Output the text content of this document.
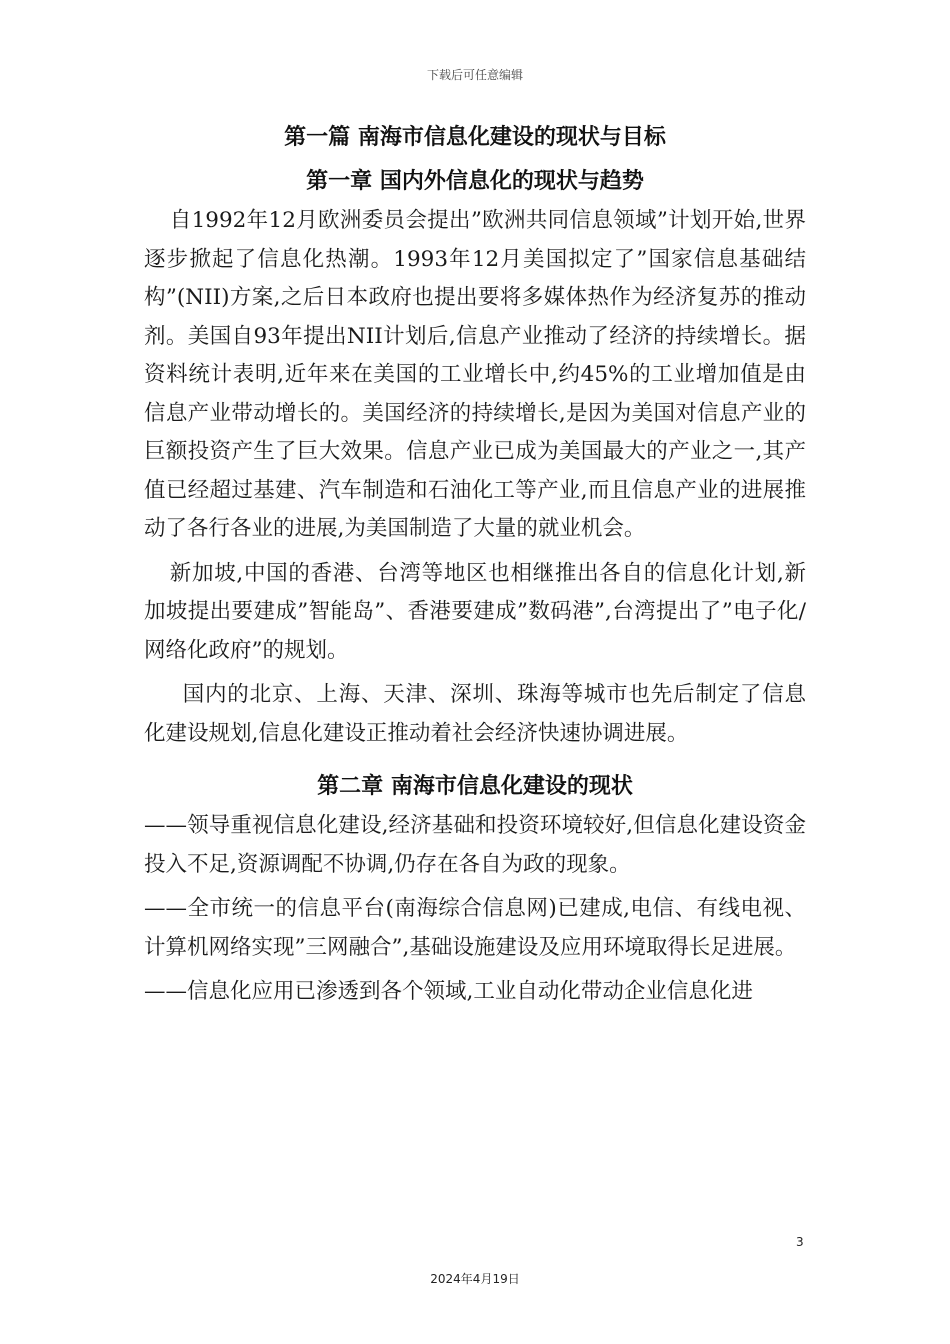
下载后可任意编辑
第一篇 南海市信息化建设的现状与目标
第一章 国内外信息化的现状与趋势

自1992年12月欧洲委员会提出”欧洲共同信息领域”计划开始,世界逐步掀起了信息化热潮。1993年12月美国拟定了”国家信息基础结构”(NII)方案,之后日本政府也提出要将多媒体热作为经济复苏的推动剂。美国自93年提出NII计划后,信息产业推动了经济的持续增长。据资料统计表明,近年来在美国的工业增长中,约45%的工业增加值是由信息产业带动增长的。美国经济的持续增长,是因为美国对信息产业的巨额投资产生了巨大效果。信息产业已成为美国最大的产业之一,其产值已经超过基建、汽车制造和石油化工等产业,而且信息产业的进展推动了各行各业的进展,为美国制造了大量的就业机会。

新加坡,中国的香港、台湾等地区也相继推出各自的信息化计划,新加坡提出要建成”智能岛”、香港要建成”数码港”,台湾提出了”电子化/网络化政府”的规划。

国内的北京、上海、天津、深圳、珠海等城市也先后制定了信息化建设规划,信息化建设正推动着社会经济快速协调进展。

第二章 南海市信息化建设的现状

——领导重视信息化建设,经济基础和投资环境较好,但信息化建设资金投入不足,资源调配不协调,仍存在各自为政的现象。

——全市统一的信息平台(南海综合信息网)已建成,电信、有线电视、计算机网络实现”三网融合”,基础设施建设及应用环境取得长足进展。

——信息化应用已渗透到各个领域,工业自动化带动企业信息化进

3
2024年4月19日
